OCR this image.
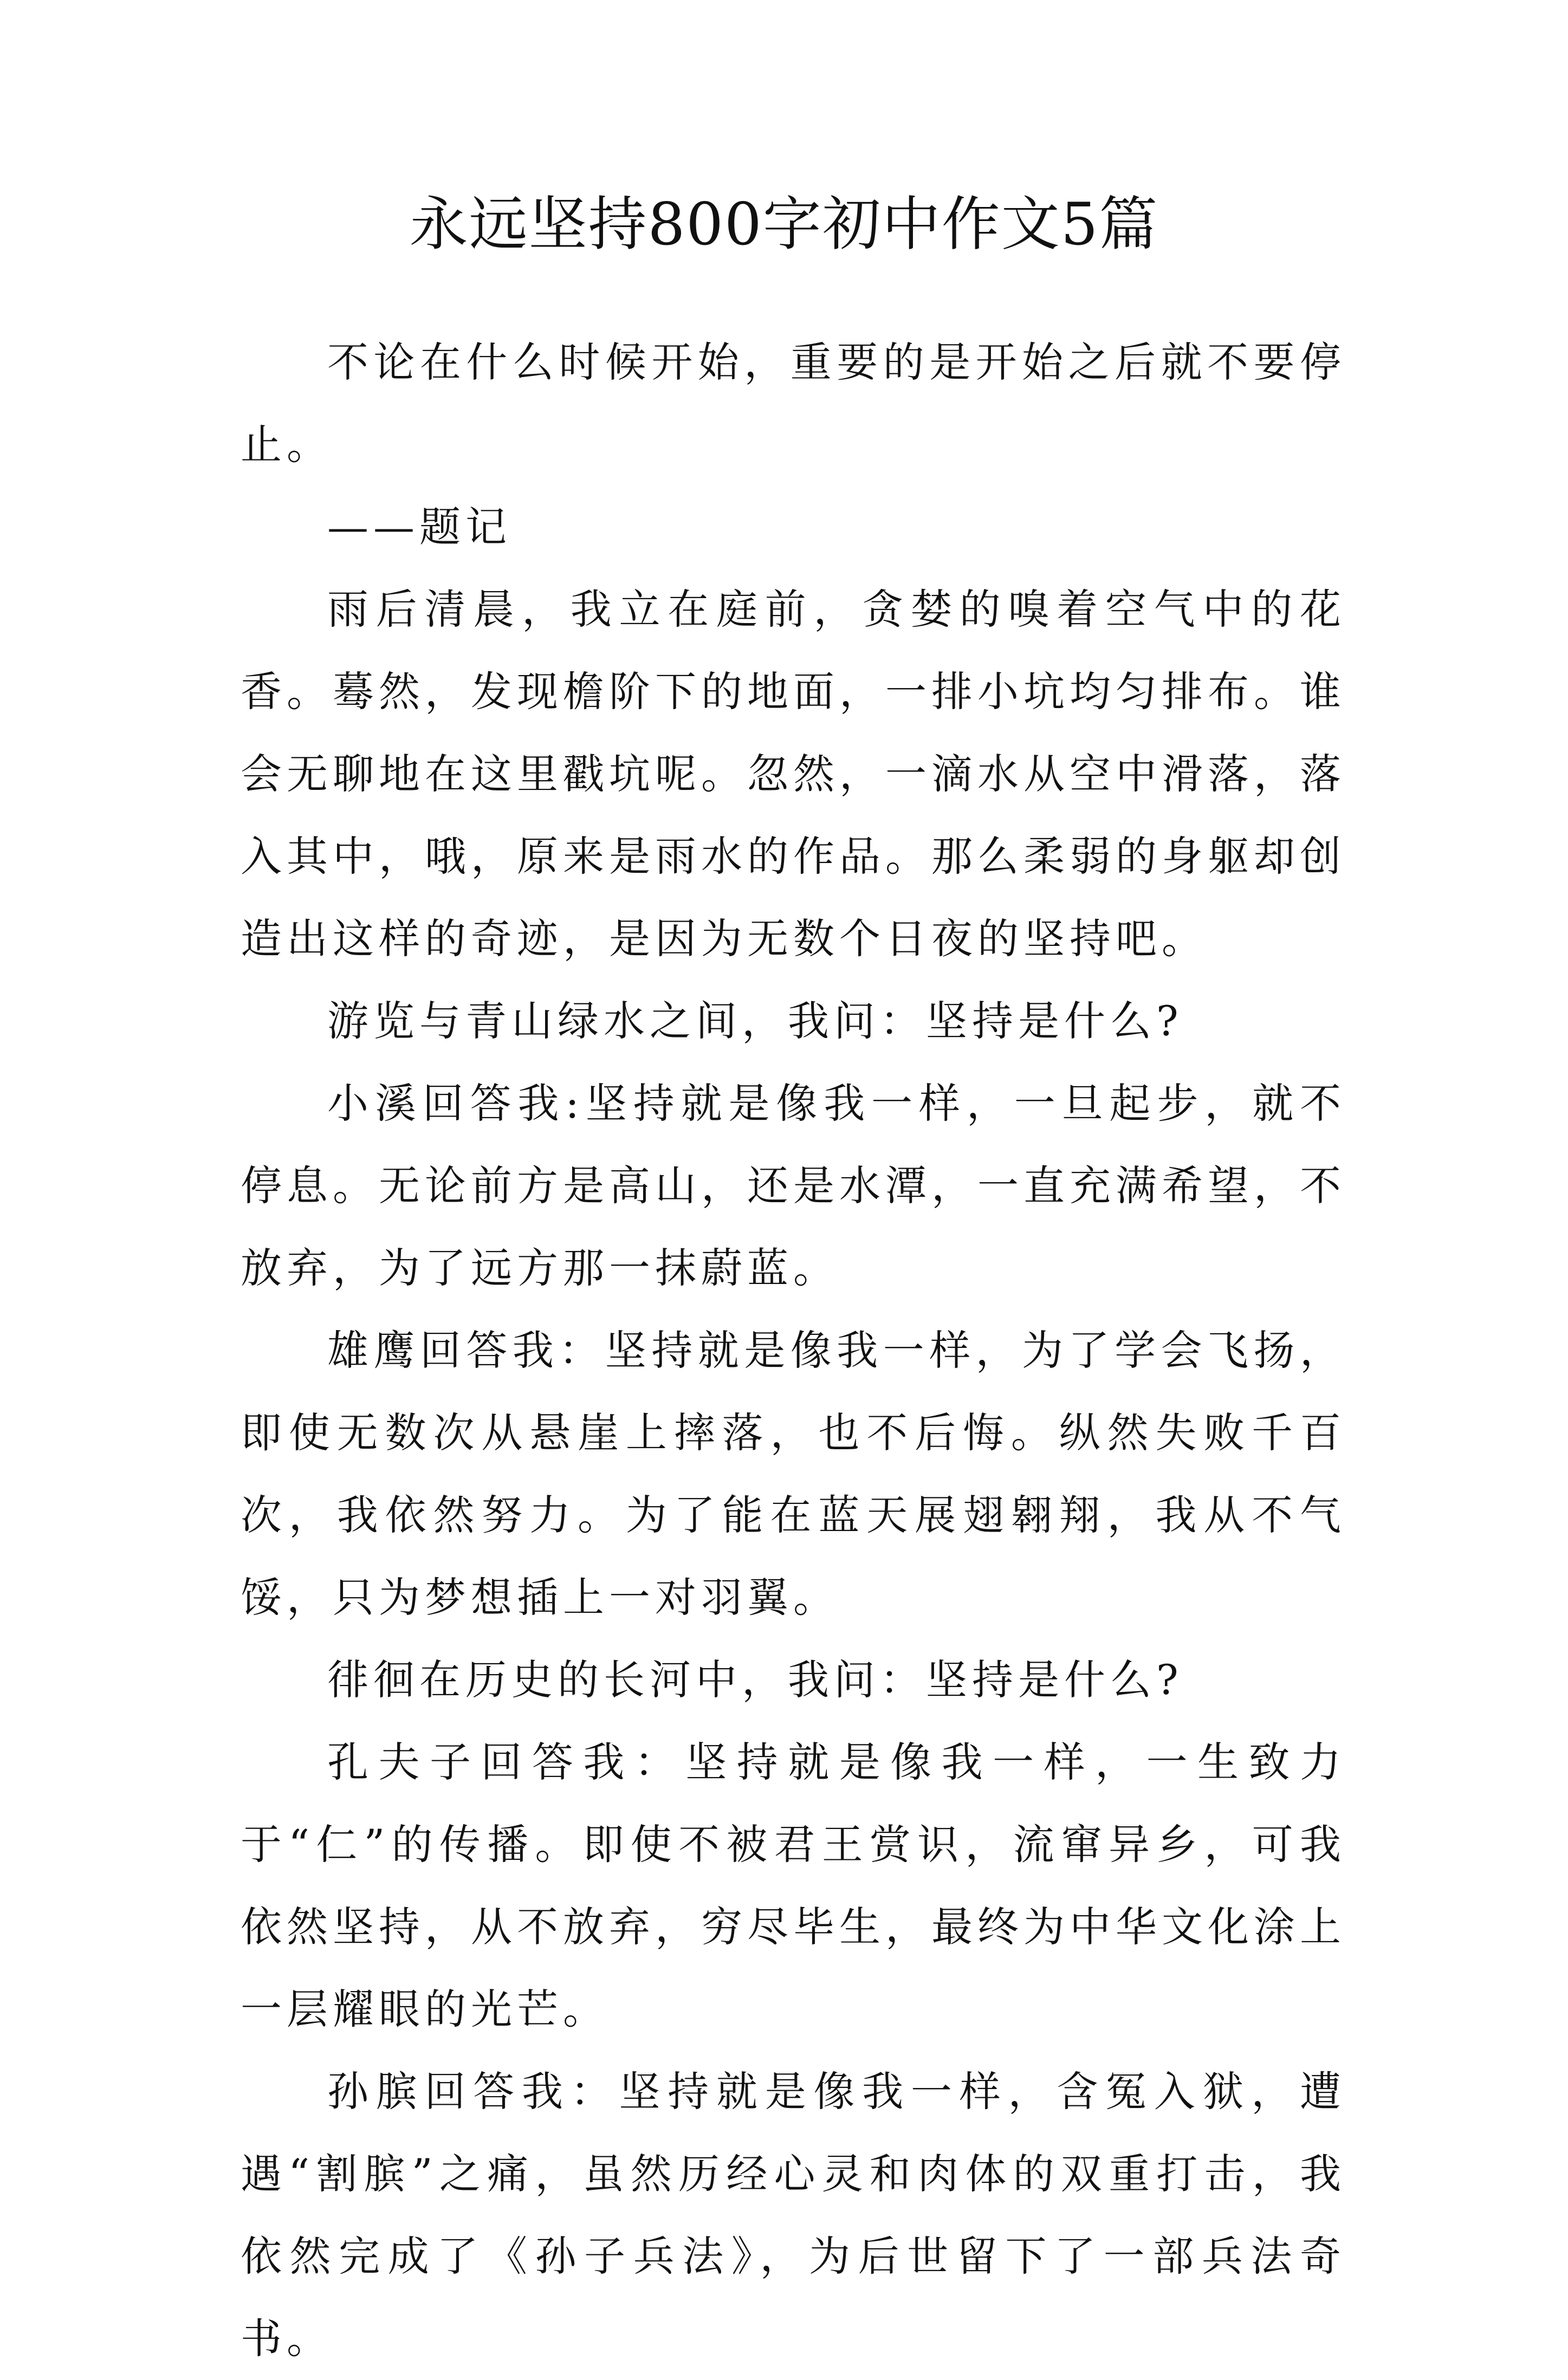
永远坚持800字初中作文5篇

不论在什么时候开始，重要的是开始之后就不要停止。

——题记

雨后清晨，我立在庭前，贪婪的嗅着空气中的花香。蓦然，发现檐阶下的地面，一排小坑均匀排布。谁会无聊地在这里戳坑呢。忽然，一滴水从空中滑落，落入其中，哦，原来是雨水的作品。那么柔弱的身躯却创造出这样的奇迹，是因为无数个日夜的坚持吧。

游览与青山绿水之间，我问：坚持是什么?

小溪回答我:坚持就是像我一样，一旦起步，就不停息。无论前方是高山，还是水潭，一直充满希望，不放弃，为了远方那一抹蔚蓝。

雄鹰回答我：坚持就是像我一样，为了学会飞扬，即使无数次从悬崖上摔落，也不后悔。纵然失败千百次，我依然努力。为了能在蓝天展翅翱翔，我从不气馁，只为梦想插上一对羽翼。

徘徊在历史的长河中，我问：坚持是什么?

孔夫子回答我：坚持就是像我一样，一生致力于“仁”的传播。即使不被君王赏识，流窜异乡，可我依然坚持，从不放弃，穷尽毕生，最终为中华文化涂上一层耀眼的光芒。

孙膑回答我：坚持就是像我一样，含冤入狱，遭遇“割膑”之痛，虽然历经心灵和肉体的双重打击，我依然完成了《孙子兵法》，为后世留下了一部兵法奇书。
